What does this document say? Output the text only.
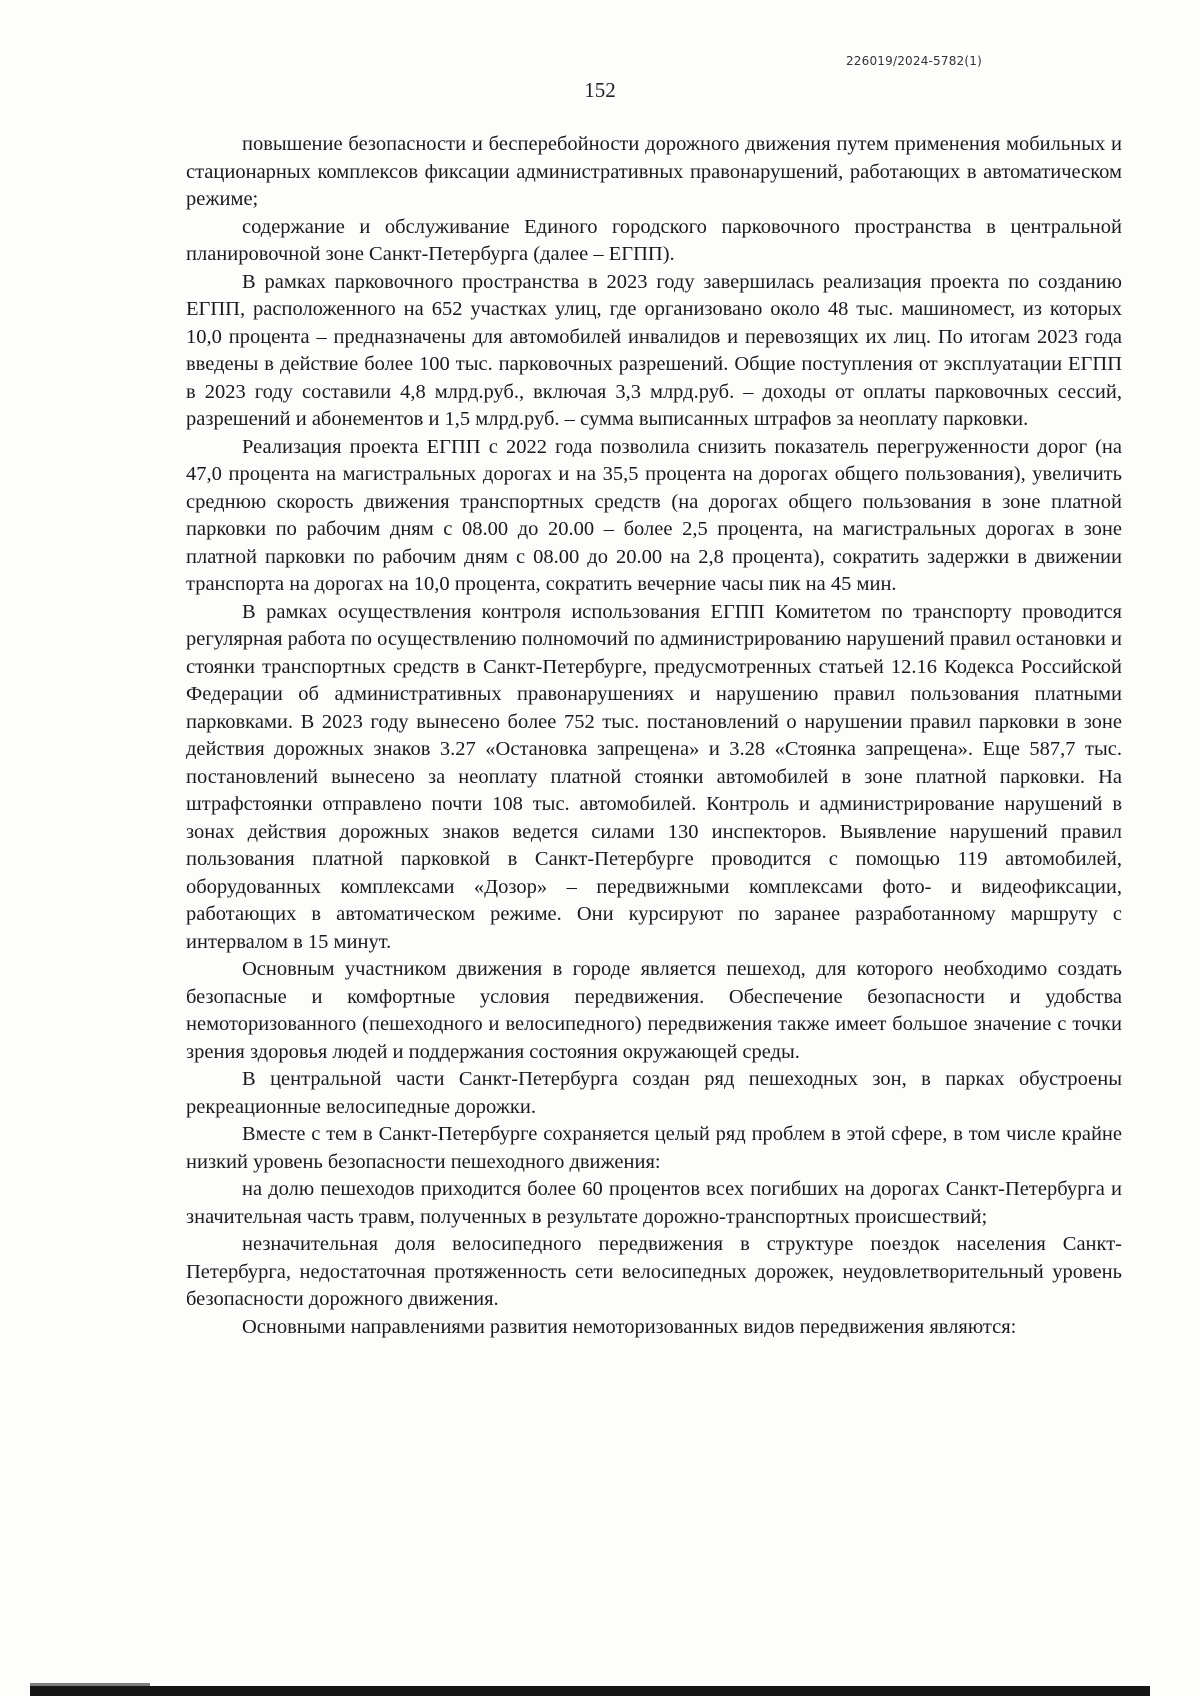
226019/2024-5782(1)
152

повышение безопасности и бесперебойности дорожного движения путем применения мобильных и стационарных комплексов фиксации административных правонарушений, работающих в автоматическом режиме;

содержание и обслуживание Единого городского парковочного пространства в центральной планировочной зоне Санкт-Петербурга (далее – ЕГПП).

В рамках парковочного пространства в 2023 году завершилась реализация проекта по созданию ЕГПП, расположенного на 652 участках улиц, где организовано около 48 тыс. машиномест, из которых 10,0 процента – предназначены для автомобилей инвалидов и перевозящих их лиц. По итогам 2023 года введены в действие более 100 тыс. парковочных разрешений. Общие поступления от эксплуатации ЕГПП в 2023 году составили 4,8 млрд.руб., включая 3,3 млрд.руб. – доходы от оплаты парковочных сессий, разрешений и абонементов и 1,5 млрд.руб. – сумма выписанных штрафов за неоплату парковки.

Реализация проекта ЕГПП с 2022 года позволила снизить показатель перегруженности дорог (на 47,0 процента на магистральных дорогах и на 35,5 процента на дорогах общего пользования), увеличить среднюю скорость движения транспортных средств (на дорогах общего пользования в зоне платной парковки по рабочим дням с 08.00 до 20.00 – более 2,5 процента, на магистральных дорогах в зоне платной парковки по рабочим дням с 08.00 до 20.00 на 2,8 процента), сократить задержки в движении транспорта на дорогах на 10,0 процента, сократить вечерние часы пик на 45 мин.

В рамках осуществления контроля использования ЕГПП Комитетом по транспорту проводится регулярная работа по осуществлению полномочий по администрированию нарушений правил остановки и стоянки транспортных средств в Санкт-Петербурге, предусмотренных статьей 12.16 Кодекса Российской Федерации об административных правонарушениях и нарушению правил пользования платными парковками. В 2023 году вынесено более 752 тыс. постановлений о нарушении правил парковки в зоне действия дорожных знаков 3.27 «Остановка запрещена» и 3.28 «Стоянка запрещена». Еще 587,7 тыс. постановлений вынесено за неоплату платной стоянки автомобилей в зоне платной парковки. На штрафстоянки отправлено почти 108 тыс. автомобилей. Контроль и администрирование нарушений в зонах действия дорожных знаков ведется силами 130 инспекторов. Выявление нарушений правил пользования платной парковкой в Санкт-Петербурге проводится с помощью 119 автомобилей, оборудованных комплексами «Дозор» – передвижными комплексами фото- и видеофиксации, работающих в автоматическом режиме. Они курсируют по заранее разработанному маршруту с интервалом в 15 минут.

Основным участником движения в городе является пешеход, для которого необходимо создать безопасные и комфортные условия передвижения. Обеспечение безопасности и удобства немоторизованного (пешеходного и велосипедного) передвижения также имеет большое значение с точки зрения здоровья людей и поддержания состояния окружающей среды.

В центральной части Санкт-Петербурга создан ряд пешеходных зон, в парках обустроены рекреационные велосипедные дорожки.

Вместе с тем в Санкт-Петербурге сохраняется целый ряд проблем в этой сфере, в том числе крайне низкий уровень безопасности пешеходного движения:

на долю пешеходов приходится более 60 процентов всех погибших на дорогах Санкт-Петербурга и значительная часть травм, полученных в результате дорожно-транспортных происшествий;

незначительная доля велосипедного передвижения в структуре поездок населения Санкт-Петербурга, недостаточная протяженность сети велосипедных дорожек, неудовлетворительный уровень безопасности дорожного движения.

Основными направлениями развития немоторизованных видов передвижения являются:
